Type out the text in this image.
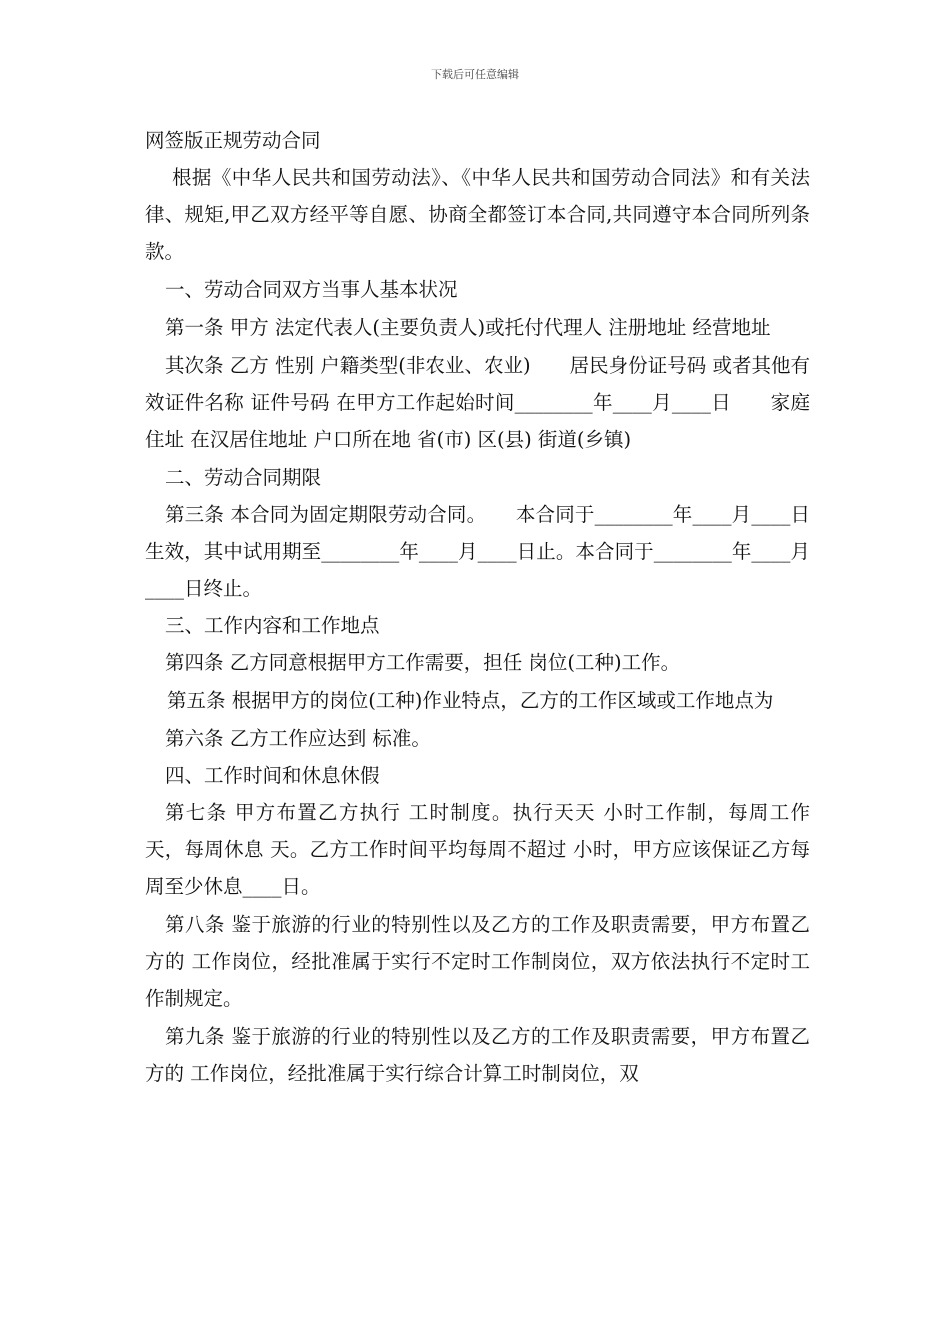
下载后可任意编辑

网签版正规劳动合同

根据《中华人民共和国劳动法》、《中华人民共和国劳动合同法》和有关法律、规矩,甲乙双方经平等自愿、协商全都签订本合同,共同遵守本合同所列条款。

一、劳动合同双方当事人基本状况

第一条 甲方 法定代表人(主要负责人)或托付代理人 注册地址 经营地址

其次条 乙方 性别 户籍类型(非农业、农业)　　居民身份证号码 或者其他有效证件名称 证件号码 在甲方工作起始时间________年____月____日　　家庭住址 在汉居住地址 户口所在地 省(市) 区(县) 街道(乡镇)

二、劳动合同期限

第三条 本合同为固定期限劳动合同。　　本合同于________年____月____日生效，其中试用期至________年____月____日止。本合同于________年____月____日终止。

三、工作内容和工作地点

第四条 乙方同意根据甲方工作需要，担任 岗位(工种)工作。

第五条 根据甲方的岗位(工种)作业特点，乙方的工作区域或工作地点为

第六条 乙方工作应达到 标准。

四、工作时间和休息休假

第七条 甲方布置乙方执行 工时制度。执行天天 小时工作制，每周工作 天，每周休息 天。乙方工作时间平均每周不超过 小时，甲方应该保证乙方每周至少休息____日。

第八条 鉴于旅游的行业的特别性以及乙方的工作及职责需要，甲方布置乙方的 工作岗位，经批准属于实行不定时工作制岗位，双方依法执行不定时工作制规定。

第九条 鉴于旅游的行业的特别性以及乙方的工作及职责需要，甲方布置乙方的 工作岗位，经批准属于实行综合计算工时制岗位，双
